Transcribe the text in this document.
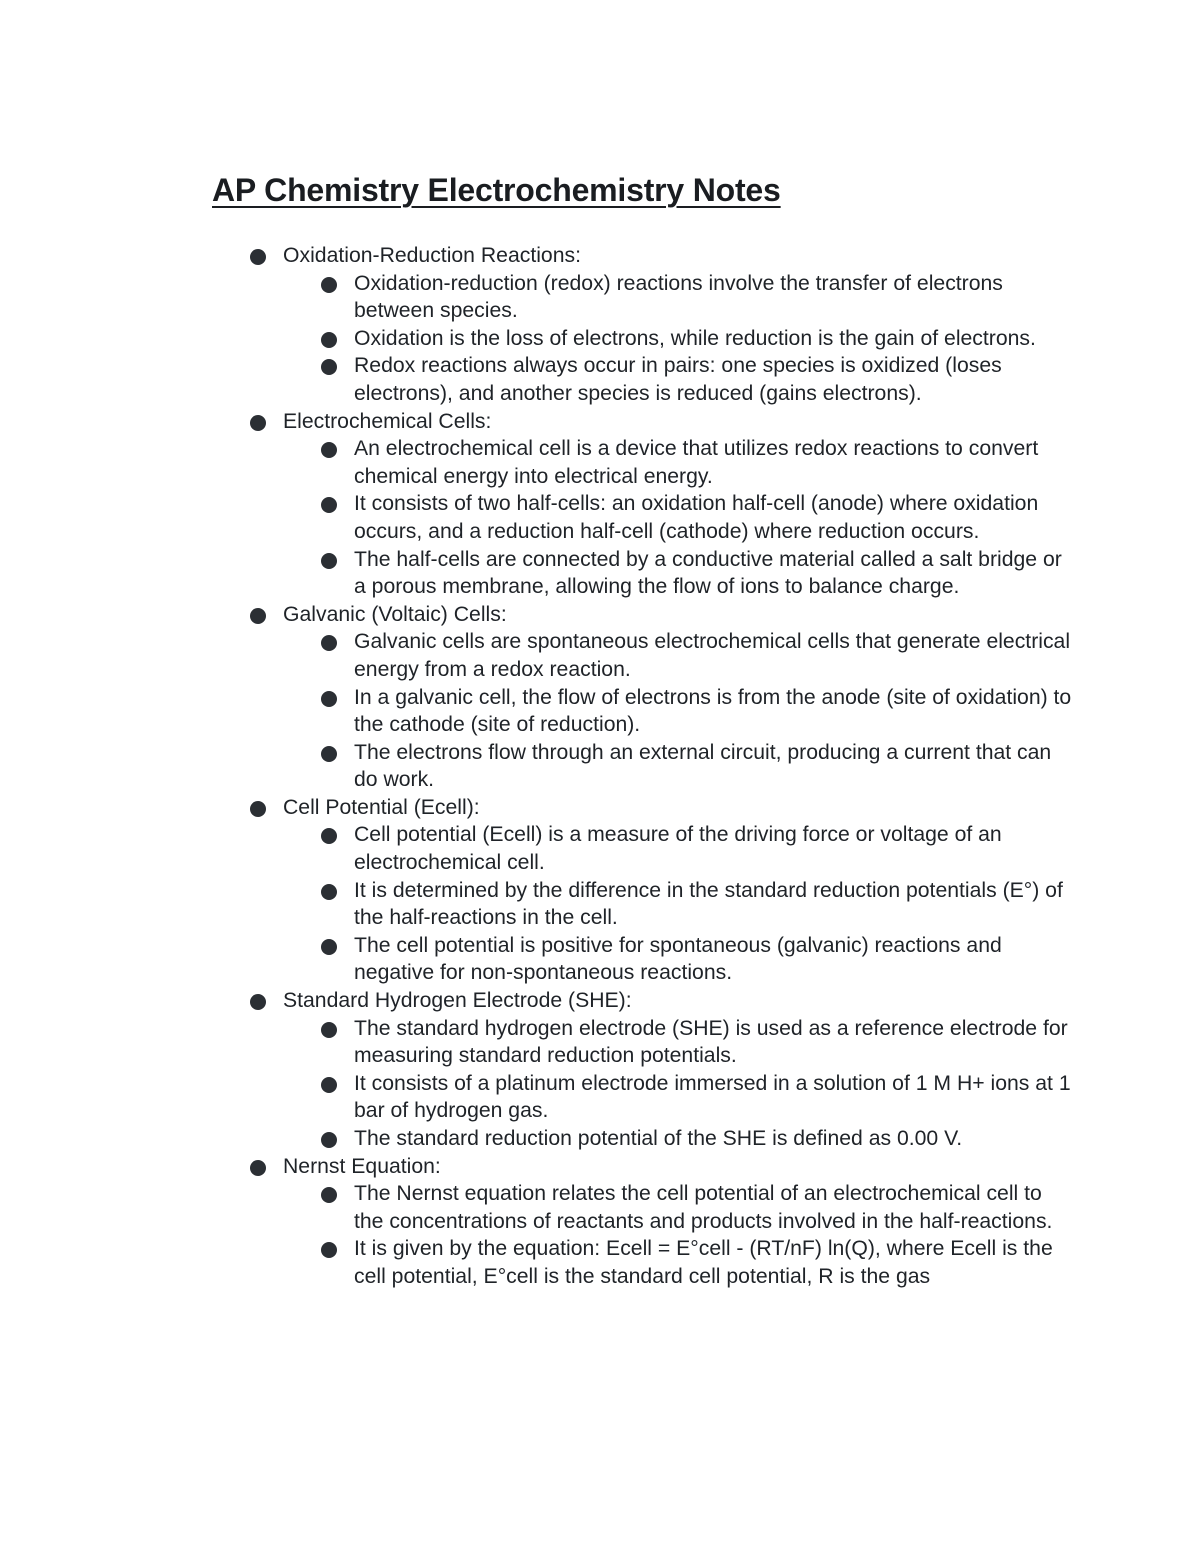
AP Chemistry Electrochemistry Notes
Oxidation-Reduction Reactions:
Oxidation-reduction (redox) reactions involve the transfer of electrons between species.
Oxidation is the loss of electrons, while reduction is the gain of electrons.
Redox reactions always occur in pairs: one species is oxidized (loses electrons), and another species is reduced (gains electrons).
Electrochemical Cells:
An electrochemical cell is a device that utilizes redox reactions to convert chemical energy into electrical energy.
It consists of two half-cells: an oxidation half-cell (anode) where oxidation occurs, and a reduction half-cell (cathode) where reduction occurs.
The half-cells are connected by a conductive material called a salt bridge or a porous membrane, allowing the flow of ions to balance charge.
Galvanic (Voltaic) Cells:
Galvanic cells are spontaneous electrochemical cells that generate electrical energy from a redox reaction.
In a galvanic cell, the flow of electrons is from the anode (site of oxidation) to the cathode (site of reduction).
The electrons flow through an external circuit, producing a current that can do work.
Cell Potential (Ecell):
Cell potential (Ecell) is a measure of the driving force or voltage of an electrochemical cell.
It is determined by the difference in the standard reduction potentials (E°) of the half-reactions in the cell.
The cell potential is positive for spontaneous (galvanic) reactions and negative for non-spontaneous reactions.
Standard Hydrogen Electrode (SHE):
The standard hydrogen electrode (SHE) is used as a reference electrode for measuring standard reduction potentials.
It consists of a platinum electrode immersed in a solution of 1 M H+ ions at 1 bar of hydrogen gas.
The standard reduction potential of the SHE is defined as 0.00 V.
Nernst Equation:
The Nernst equation relates the cell potential of an electrochemical cell to the concentrations of reactants and products involved in the half-reactions.
It is given by the equation: Ecell = E°cell - (RT/nF) ln(Q), where Ecell is the cell potential, E°cell is the standard cell potential, R is the gas
